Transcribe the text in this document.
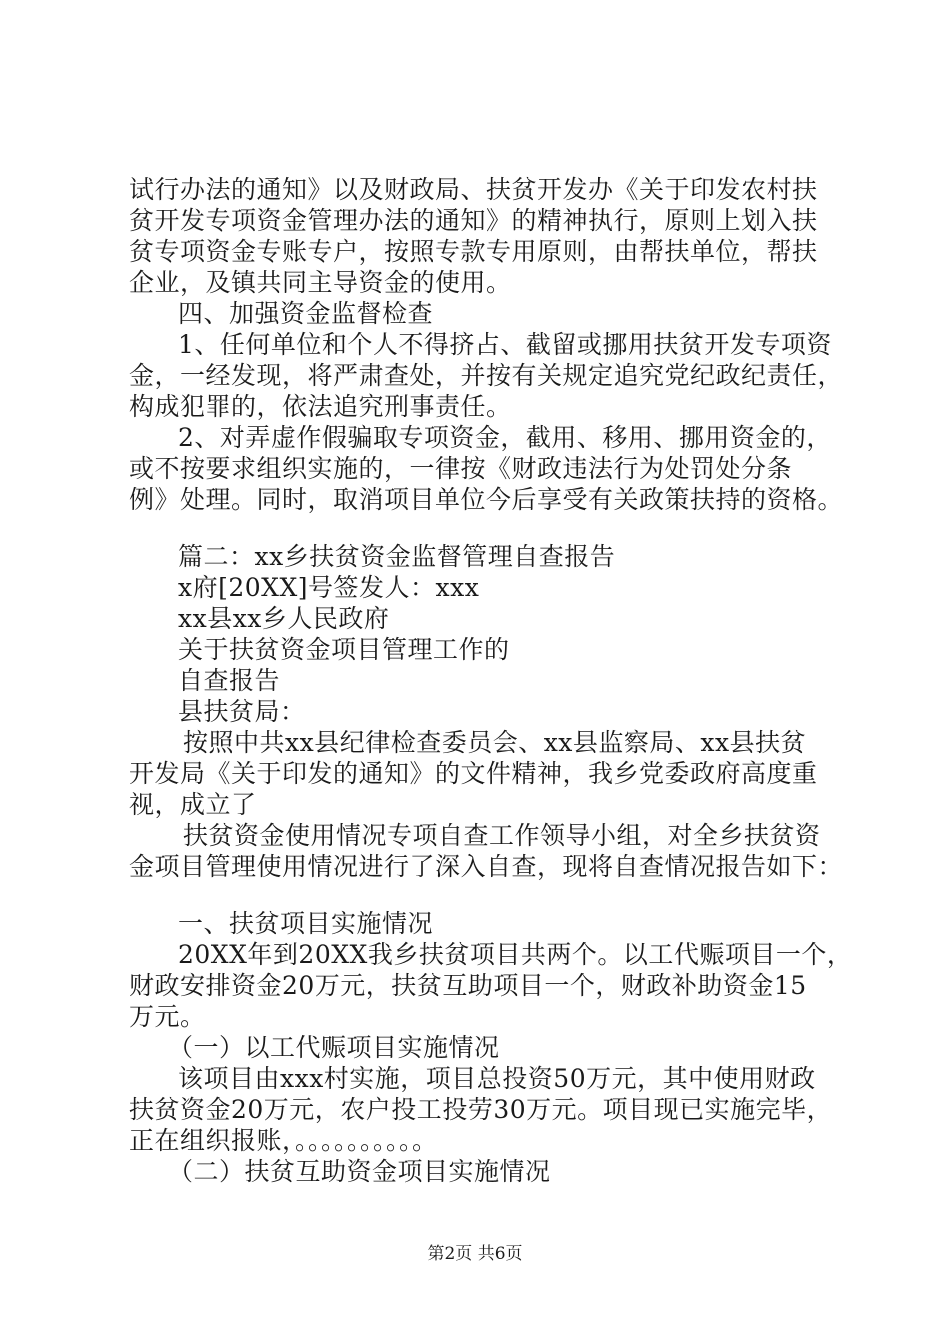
试行办法的通知》以及财政局、扶贫开发办《关于印发农村扶
贫开发专项资金管理办法的通知》的精神执行，原则上划入扶
贫专项资金专账专户，按照专款专用原则，由帮扶单位，帮扶
企业，及镇共同主导资金的使用。
四、加强资金监督检查
1、任何单位和个人不得挤占、截留或挪用扶贫开发专项资
金，一经发现，将严肃查处，并按有关规定追究党纪政纪责任，
构成犯罪的，依法追究刑事责任。
2、对弄虚作假骗取专项资金，截用、移用、挪用资金的，
或不按要求组织实施的，一律按《财政违法行为处罚处分条
例》处理。同时，取消项目单位今后享受有关政策扶持的资格。
篇二：xx乡扶贫资金监督管理自查报告
x府[20XX]号签发人：xxx
xx县xx乡人民政府
关于扶贫资金项目管理工作的
自查报告
县扶贫局：
按照中共xx县纪律检查委员会、xx县监察局、xx县扶贫
开发局《关于印发的通知》的文件精神，我乡党委政府高度重
视，成立了
扶贫资金使用情况专项自查工作领导小组，对全乡扶贫资
金项目管理使用情况进行了深入自查，现将自查情况报告如下：
一、扶贫项目实施情况
20XX年到20XX我乡扶贫项目共两个。以工代赈项目一个，
财政安排资金20万元，扶贫互助项目一个，财政补助资金15
万元。
（一）以工代赈项目实施情况
该项目由xxx村实施，项目总投资50万元，其中使用财政
扶贫资金20万元，农户投工投劳30万元。项目现已实施完毕，
正在组织报账，。。。。。。。。。。
（二）扶贫互助资金项目实施情况
第2页 共6页
